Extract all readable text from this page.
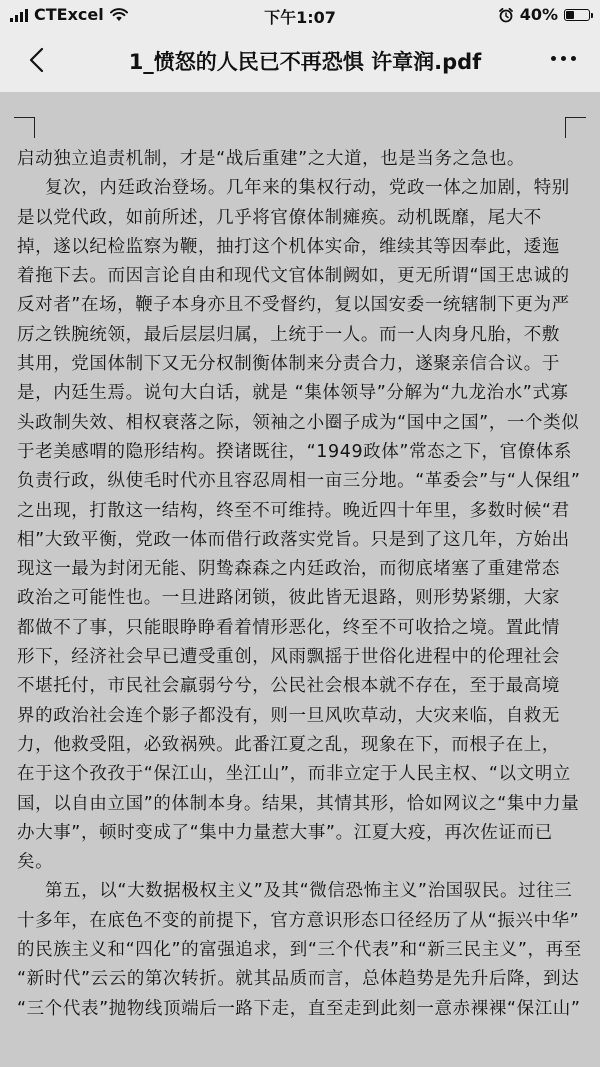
CTExcel	下午1:07	40%
1_愤怒的人民已不再恐惧 许章润.pdf
启动独立追责机制，才是“战后重建”之大道，也是当务之急也。
复次，内廷政治登场。几年来的集权行动，党政一体之加剧，特别
是以党代政，如前所述，几乎将官僚体制瘫痪。动机既靡，尾大不
掉，遂以纪检监察为鞭，抽打这个机体实命，维续其等因奉此，逶迤
着拖下去。而因言论自由和现代文官体制阙如，更无所谓“国王忠诚的
反对者”在场，鞭子本身亦且不受督约，复以国安委一统辖制下更为严
厉之铁腕统领，最后层层归属，上统于一人。而一人肉身凡胎，不敷
其用，党国体制下又无分权制衡体制来分责合力，遂聚亲信合议。于
是，内廷生焉。说句大白话，就是 “集体领导”分解为“九龙治水”式寡
头政制失效、相权衰落之际，领袖之小圈子成为“国中之国”，一个类似
于老美感喟的隐形结构。揆诸既往，“1949政体”常态之下，官僚体系
负责行政，纵使毛时代亦且容忍周相一亩三分地。“革委会”与“人保组”
之出现，打散这一结构，终至不可维持。晚近四十年里，多数时候“君
相”大致平衡，党政一体而借行政落实党旨。只是到了这几年，方始出
现这一最为封闭无能、阴鸷森森之内廷政治，而彻底堵塞了重建常态
政治之可能性也。一旦进路闭锁，彼此皆无退路，则形势紧绷，大家
都做不了事，只能眼睁睁看着情形恶化，终至不可收拾之境。置此情
形下，经济社会早已遭受重创，风雨飘摇于世俗化进程中的伦理社会
不堪托付，市民社会羸弱兮兮，公民社会根本就不存在，至于最高境
界的政治社会连个影子都没有，则一旦风吹草动，大灾来临，自救无
力，他救受阻，必致祸殃。此番江夏之乱，现象在下，而根子在上，
在于这个孜孜于“保江山，坐江山”，而非立定于人民主权、“以文明立
国，以自由立国”的体制本身。结果，其情其形，恰如网议之“集中力量
办大事”，顿时变成了“集中力量惹大事”。江夏大疫，再次佐证而已
矣。
第五，以“大数据极权主义”及其“微信恐怖主义”治国驭民。过往三
十多年，在底色不变的前提下，官方意识形态口径经历了从“振兴中华”
的民族主义和“四化”的富强追求，到“三个代表”和“新三民主义”，再至
“新时代”云云的第次转折。就其品质而言，总体趋势是先升后降，到达
“三个代表”抛物线顶端后一路下走，直至走到此刻一意赤裸裸“保江山”
